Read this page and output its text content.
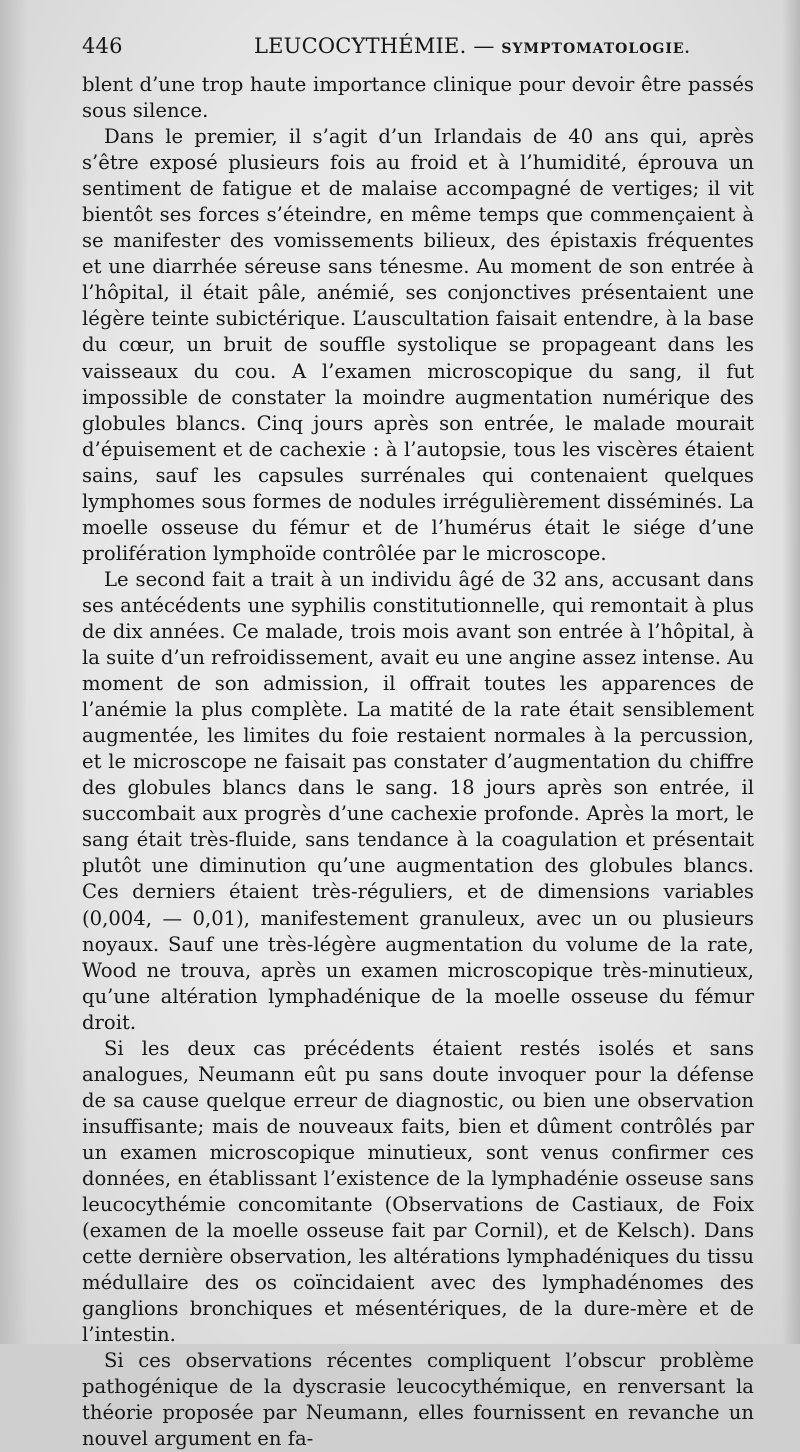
446	LEUCOCYTHÉMIE. — SYMPTOMATOLOGIE.

blent d’une trop haute importance clinique pour devoir être passés sous silence.

Dans le premier, il s’agit d’un Irlandais de 40 ans qui, après s’être exposé plusieurs fois au froid et à l’humidité, éprouva un sentiment de fatigue et de malaise accompagné de vertiges; il vit bientôt ses forces s’éteindre, en même temps que commençaient à se manifester des vomissements bilieux, des épistaxis fréquentes et une diarrhée séreuse sans ténesme. Au moment de son entrée à l’hôpital, il était pâle, anémié, ses conjonctives présentaient une légère teinte subictérique. L’auscultation faisait entendre, à la base du cœur, un bruit de souffle systolique se propageant dans les vaisseaux du cou. A l’examen microscopique du sang, il fut impossible de constater la moindre augmentation numérique des globules blancs. Cinq jours après son entrée, le malade mourait d’épuisement et de cachexie : à l’autopsie, tous les viscères étaient sains, sauf les capsules surrénales qui contenaient quelques lymphomes sous formes de nodules irrégulièrement disséminés. La moelle osseuse du fémur et de l’humérus était le siége d’une prolifération lymphoïde contrôlée par le microscope.

Le second fait a trait à un individu âgé de 32 ans, accusant dans ses antécédents une syphilis constitutionnelle, qui remontait à plus de dix années. Ce malade, trois mois avant son entrée à l’hôpital, à la suite d’un refroidissement, avait eu une angine assez intense. Au moment de son admission, il offrait toutes les apparences de l’anémie la plus complète. La matité de la rate était sensiblement augmentée, les limites du foie restaient normales à la percussion, et le microscope ne faisait pas constater d’augmentation du chiffre des globules blancs dans le sang. 18 jours après son entrée, il succombait aux progrès d’une cachexie profonde. Après la mort, le sang était très-fluide, sans tendance à la coagulation et présentait plutôt une diminution qu’une augmentation des globules blancs. Ces derniers étaient très-réguliers, et de dimensions variables (0,004, — 0,01), manifestement granuleux, avec un ou plusieurs noyaux. Sauf une très-légère augmentation du volume de la rate, Wood ne trouva, après un examen microscopique très-minutieux, qu’une altération lymphadénique de la moelle osseuse du fémur droit.

Si les deux cas précédents étaient restés isolés et sans analogues, Neumann eût pu sans doute invoquer pour la défense de sa cause quelque erreur de diagnostic, ou bien une observation insuffisante; mais de nouveaux faits, bien et dûment contrôlés par un examen microscopique minutieux, sont venus confirmer ces données, en établissant l’existence de la lymphadénie osseuse sans leucocythémie concomitante (Observations de Castiaux, de Foix (examen de la moelle osseuse fait par Cornil), et de Kelsch). Dans cette dernière observation, les altérations lymphadéniques du tissu médullaire des os coïncidaient avec des lymphadénomes des ganglions bronchiques et mésentériques, de la dure-mère et de l’intestin.

Si ces observations récentes compliquent l’obscur problème pathogénique de la dyscrasie leucocythémique, en renversant la théorie proposée par Neumann, elles fournissent en revanche un nouvel argument en fa-
